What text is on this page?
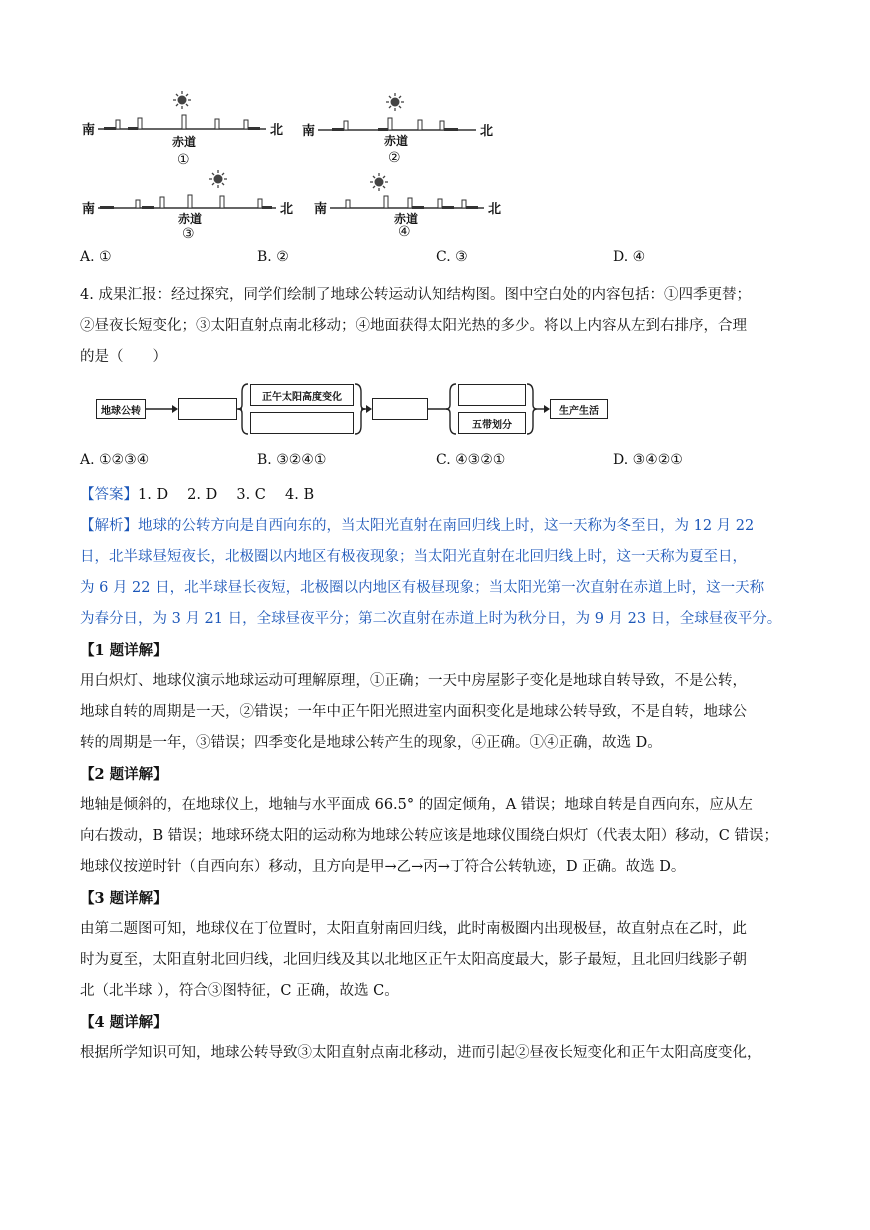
南	北
赤道
①
南	北
赤道
②
南	北
赤道
③
南	北
赤道
④
A. ①	B. ②	C. ③	D. ④

4. 成果汇报：经过探究，同学们绘制了地球公转运动认知结构图。图中空白处的内容包括：①四季更替；

②昼夜长短变化；③太阳直射点南北移动；④地面获得太阳光热的多少。将以上内容从左到右排序，合理

的是（　　）

地球公转
正午太阳高度变化
五带划分
生产生活
A. ①②③④	B. ③②④①	C. ④③②①	D. ③④②①

【答案】1. D　 2. D　 3. C　 4. B

【解析】地球的公转方向是自西向东的，当太阳光直射在南回归线上时，这一天称为冬至日，为 12 月 22

日，北半球昼短夜长，北极圈以内地区有极夜现象；当太阳光直射在北回归线上时，这一天称为夏至日，

为 6 月 22 日，北半球昼长夜短，北极圈以内地区有极昼现象；当太阳光第一次直射在赤道上时，这一天称

为春分日，为 3 月 21 日，全球昼夜平分；第二次直射在赤道上时为秋分日，为 9 月 23 日，全球昼夜平分。

【1 题详解】

用白炽灯、地球仪演示地球运动可理解原理，①正确；一天中房屋影子变化是地球自转导致，不是公转，

地球自转的周期是一天，②错误；一年中正午阳光照进室内面积变化是地球公转导致，不是自转，地球公

转的周期是一年，③错误；四季变化是地球公转产生的现象，④正确。①④正确，故选 D。

【2 题详解】

地轴是倾斜的，在地球仪上，地轴与水平面成 66.5° 的固定倾角，A 错误；地球自转是自西向东，应从左

向右拨动，B 错误；地球环绕太阳的运动称为地球公转应该是地球仪围绕白炽灯（代表太阳）移动，C 错误；

地球仪按逆时针（自西向东）移动，且方向是甲→乙→丙→丁符合公转轨迹，D 正确。故选 D。

【3 题详解】

由第二题图可知，地球仪在丁位置时，太阳直射南回归线，此时南极圈内出现极昼，故直射点在乙时，此

时为夏至，太阳直射北回归线，北回归线及其以北地区正午太阳高度最大，影子最短，且北回归线影子朝

北（北半球 ），符合③图特征，C 正确，故选 C。

【4 题详解】

根据所学知识可知，地球公转导致③太阳直射点南北移动，进而引起②昼夜长短变化和正午太阳高度变化，
